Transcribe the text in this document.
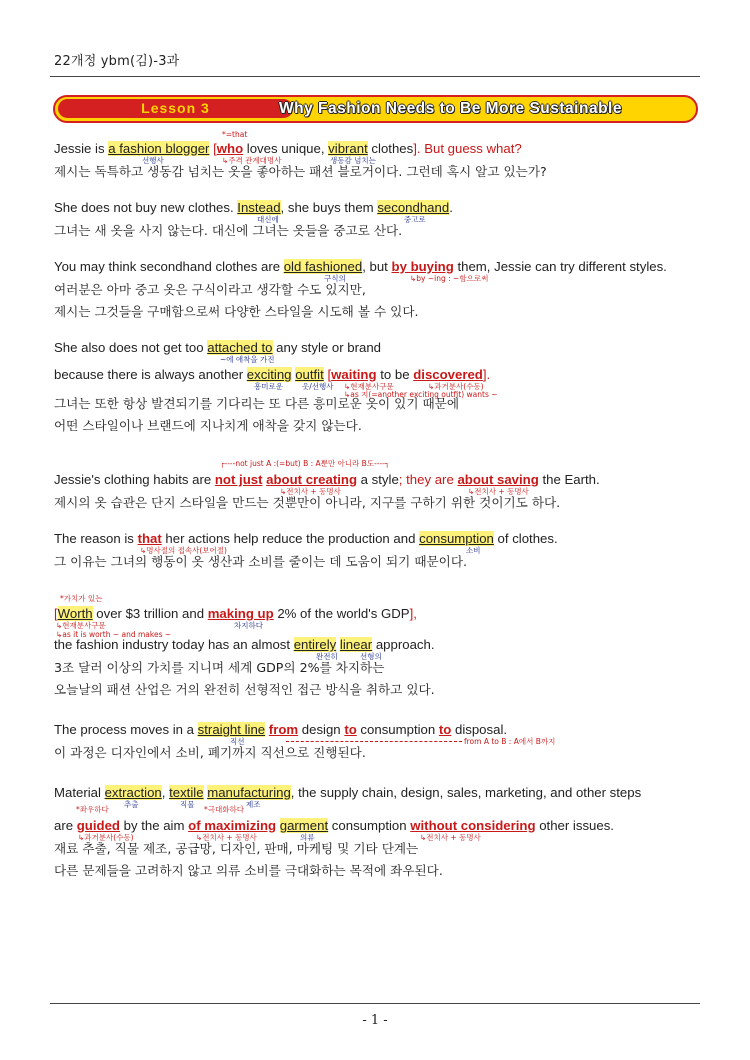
22개정 ybm(김)-3과
Lesson 3	Why Fashion Needs to Be More Sustainable
*=that
Jessie is a fashion blogger [who loves unique, vibrant clothes]. But guess what?
선행사	↳주격 관계대명사	생동감 넘치는
제시는 독특하고 생동감 넘치는 옷을 좋아하는 패션 블로거이다. 그런데 혹시 알고 있는가?
She does not buy new clothes. Instead, she buys them secondhand.
대신에	중고로
그녀는 새 옷을 사지 않는다. 대신에 그녀는 옷들을 중고로 산다.
You may think secondhand clothes are old fashioned, but by buying them, Jessie can try different styles.
구식의	↳by ~ing : ~함으로써
여러분은 아마 중고 옷은 구식이라고 생각할 수도 있지만,
제시는 그것들을 구매함으로써 다양한 스타일을 시도해 볼 수 있다.
She also does not get too attached to any style or brand
~에 애착을 가진
because there is always another exciting outfit [waiting to be discovered].
흥미로운	옷/선행사 ↳현재분사구문
↳as 지(=another exciting outfit) wants ~
↳과거분사(수동)
그녀는 또한 항상 발견되기를 기다리는 또 다른 흥미로운 옷이 있기 때문에
어떤 스타일이나 브랜드에 지나치게 애착을 갖지 않는다.
┌----not just A :(=but) B : A뿐만 아니라 B도----┐
Jessie's clothing habits are not just about creating a style; they are about saving the Earth.
↳전치사 + 동명사	↳전치사 + 동명사
제시의 옷 습관은 단지 스타일을 만드는 것뿐만이 아니라, 지구를 구하기 위한 것이기도 하다.
The reason is that her actions help reduce the production and consumption of clothes.
↳명사절의 접속사(보어절)	소비
그 이유는 그녀의 행동이 옷 생산과 소비를 줄이는 데 도움이 되기 때문이다.
*가치가 있는
[Worth over $3 trillion and making up 2% of the world's GDP],
↳현재분사구문
↳as it is worth ~ and makes ~
차지하다
the fashion industry today has an almost entirely linear approach.
완전히	선형의
3조 달러 이상의 가치를 지니며 세계 GDP의 2%를 차지하는
오늘날의 패션 산업은 거의 완전히 선형적인 접근 방식을 취하고 있다.
The process moves in a straight line from design to consumption to disposal.
직선	from A to B : A에서 B까지
이 과정은 디자인에서 소비, 폐기까지 직선으로 진행된다.
Material extraction, textile manufacturing, the supply chain, design, sales, marketing, and other steps
추출	직물	제조
*좌우하다	*극대화하다
are guided by the aim of maximizing garment consumption without considering other issues.
↳과거분사(수동)	↳전치사 + 동명사	의류	↳전치사 + 동명사
재료 추출, 직물 제조, 공급망, 디자인, 판매, 마케팅 및 기타 단계는
다른 문제들을 고려하지 않고 의류 소비를 극대화하는 목적에 좌우된다.
- 1 -
